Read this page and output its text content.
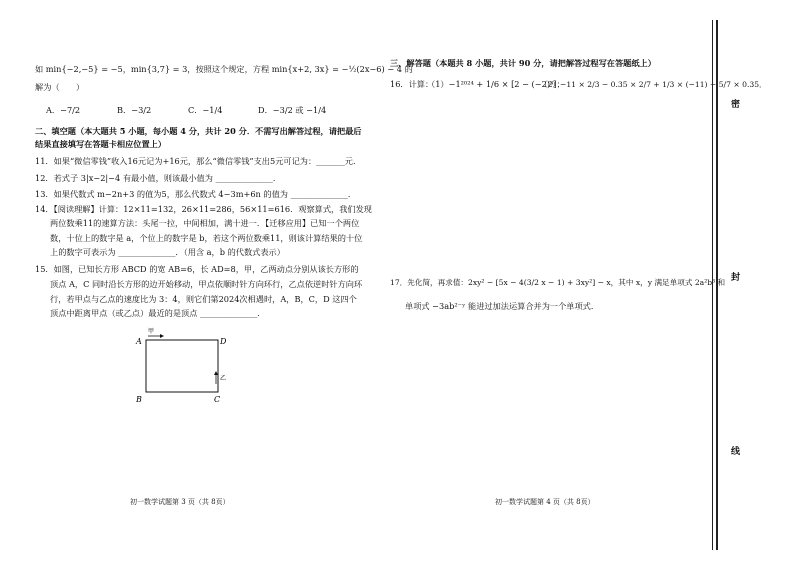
如 min{−2,−5} = −5，min{3,7} = 3，按照这个规定，方程 min{x+2, 3x} = −½(2x−6) − 4 的
解为（　　）
A．−7/2	B．−3/2	C．−1/4	D．−3/2 或 −1/4
二、填空题（本大题共 5 小题，每小题 4 分，共计 20 分．不需写出解答过程，请把最后
结果直接填写在答题卡相应位置上）
11．如果“微信零钱”收入16元记为+16元，那么“微信零钱”支出5元可记为：_______元．
12．若式子 3|x−2|−4 有最小值，则该最小值为 ______________．
13．如果代数式 m−2n+3 的值为5，那么代数式 4−3m+6n 的值为 ______________．
14．【阅读理解】计算：12×11=132，26×11=286，56×11=616．观察算式，我们发现
两位数乘11的速算方法：头尾一拉，中间相加，满十进一．【迁移应用】已知一个两位
数，十位上的数字是 a，个位上的数字是 b，若这个两位数乘11，则该计算结果的十位
上的数字可表示为 ______________．（用含 a，b 的代数式表示）
15．如图，已知长方形 ABCD 的宽 AB=6，长 AD=8，甲，乙两动点分别从该长方形的
顶点 A，C 同时沿长方形的边开始移动，甲点依顺时针方向环行，乙点依逆时针方向环
行，若甲点与乙点的速度比为 3：4，则它们第2024次相遇时，A，B，C，D 这四个
顶点中距离甲点（或乙点）最近的是顶点 ______________．
A	D
B	C
甲
乙
初一数学试题第 3 页（共 8页）
三、解答题（本题共 8 小题，共计 90 分，请把解答过程写在答题纸上）
16．计算：
（1）−1²⁰²⁴ + 1/6 × [2 − (−2)³]；
（2）−11 × 2/3 − 0.35 × 2/7 + 1/3 × (−11) − 5/7 × 0.35．
17．先化简，再求值：2xy² − [5x − 4(3/2 x − 1) + 3xy²] − x，其中 x，y 满足单项式 2a²b³ 和
单项式 −3ab²⁻ʸ 能进过加法运算合并为一个单项式．
初一数学试题第 4 页（共 8页）
密
封
线
